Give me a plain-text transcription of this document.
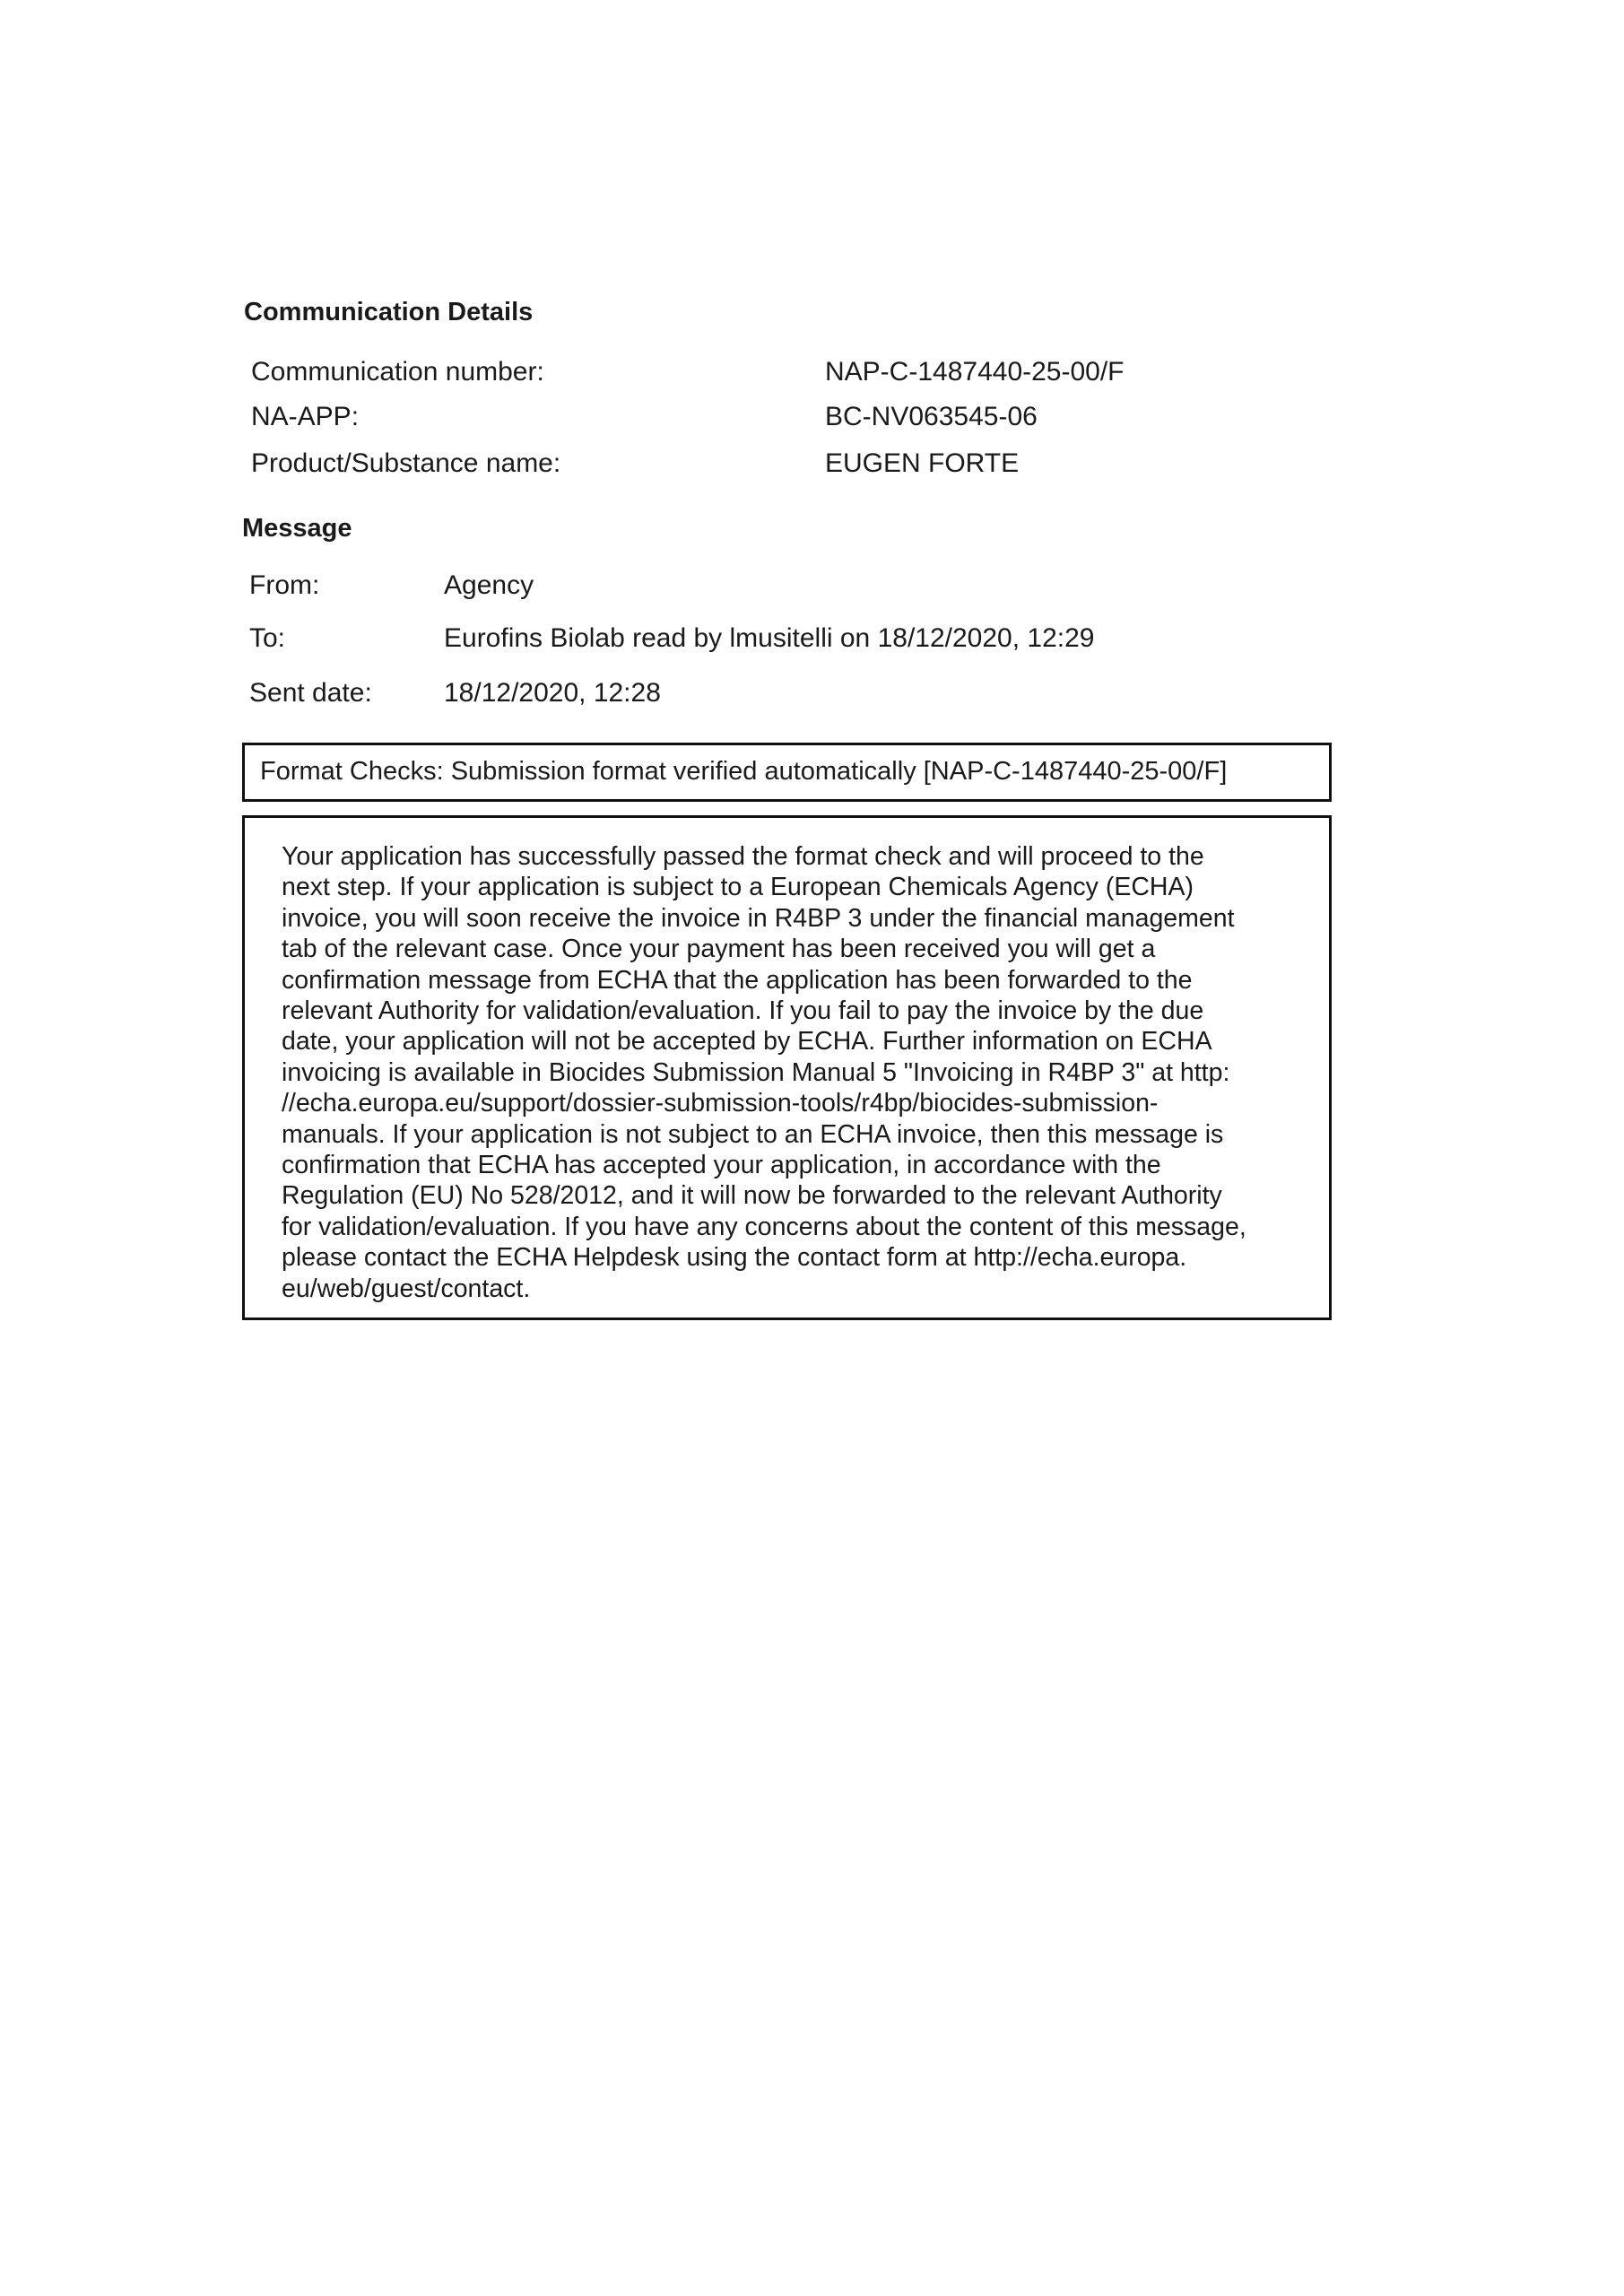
Communication Details
Communication number:	NAP-C-1487440-25-00/F
NA-APP:	BC-NV063545-06
Product/Substance name:	EUGEN FORTE
Message
From:	Agency
To:	Eurofins Biolab read by lmusitelli on 18/12/2020, 12:29
Sent date:	18/12/2020, 12:28
Format Checks: Submission format verified automatically [NAP-C-1487440-25-00/F]

Your application has successfully passed the format check and will proceed to the
next step. If your application is subject to a European Chemicals Agency (ECHA)
invoice, you will soon receive the invoice in R4BP 3 under the financial management
tab of the relevant case. Once your payment has been received you will get a
confirmation message from ECHA that the application has been forwarded to the
relevant Authority for validation/evaluation. If you fail to pay the invoice by the due
date, your application will not be accepted by ECHA. Further information on ECHA
invoicing is available in Biocides Submission Manual 5 "Invoicing in R4BP 3" at http:
//echa.europa.eu/support/dossier-submission-tools/r4bp/biocides-submission-
manuals. If your application is not subject to an ECHA invoice, then this message is
confirmation that ECHA has accepted your application, in accordance with the
Regulation (EU) No 528/2012, and it will now be forwarded to the relevant Authority
for validation/evaluation. If you have any concerns about the content of this message,
please contact the ECHA Helpdesk using the contact form at http://echa.europa.
eu/web/guest/contact.
